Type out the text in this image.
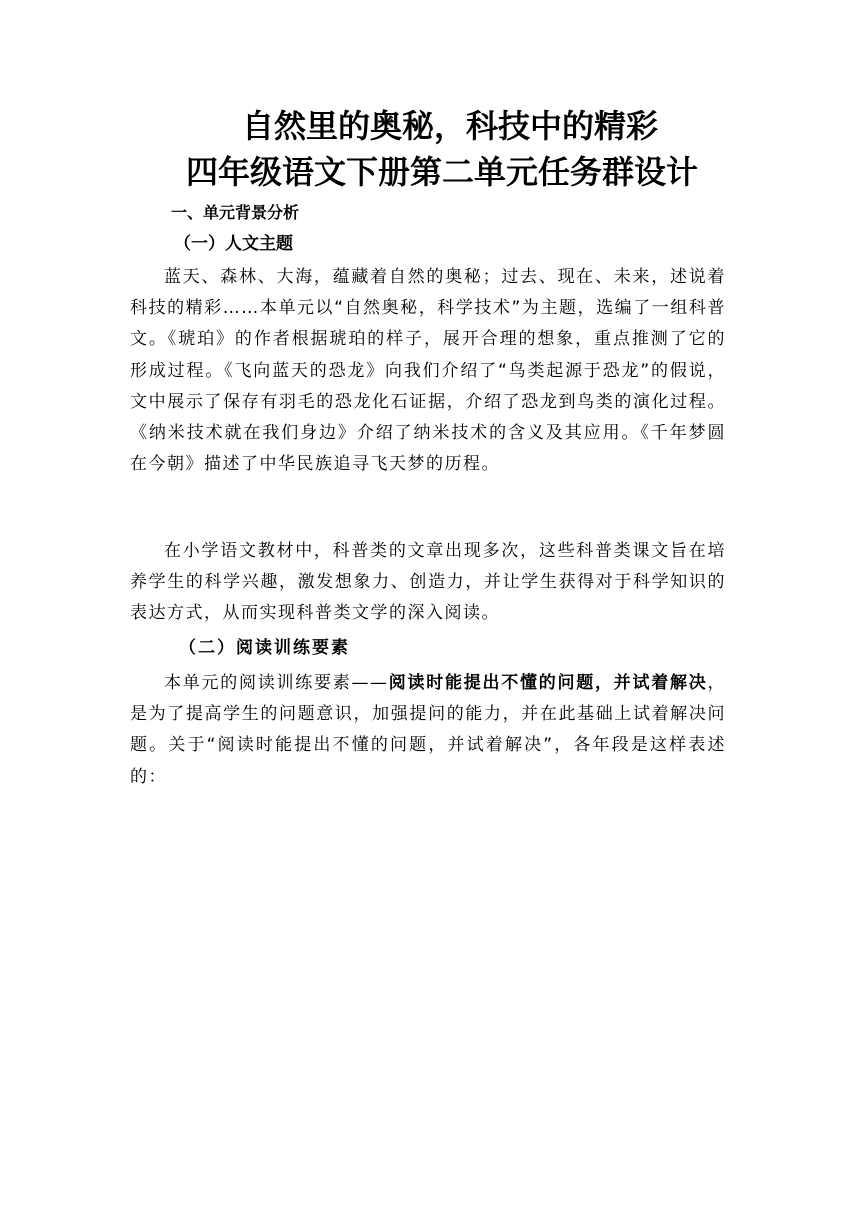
自然里的奥秘，科技中的精彩
四年级语文下册第二单元任务群设计
一、单元背景分析
（一）人文主题

蓝天、森林、大海，蕴藏着自然的奥秘；过去、现在、未来，述说着科技的精彩……本单元以“自然奥秘，科学技术”为主题，选编了一组科普文。《琥珀》的作者根据琥珀的样子，展开合理的想象，重点推测了它的形成过程。《飞向蓝天的恐龙》向我们介绍了“鸟类起源于恐龙”的假说，文中展示了保存有羽毛的恐龙化石证据，介绍了恐龙到鸟类的演化过程。《纳米技术就在我们身边》介绍了纳米技术的含义及其应用。《千年梦圆在今朝》描述了中华民族追寻飞天梦的历程。

在小学语文教材中，科普类的文章出现多次，这些科普类课文旨在培养学生的科学兴趣，激发想象力、创造力，并让学生获得对于科学知识的表达方式，从而实现科普类文学的深入阅读。

（二）阅读训练要素

本单元的阅读训练要素——阅读时能提出不懂的问题，并试着解决，是为了提高学生的问题意识，加强提问的能力，并在此基础上试着解决问题。关于“阅读时能提出不懂的问题，并试着解决”，各年段是这样表述的：
